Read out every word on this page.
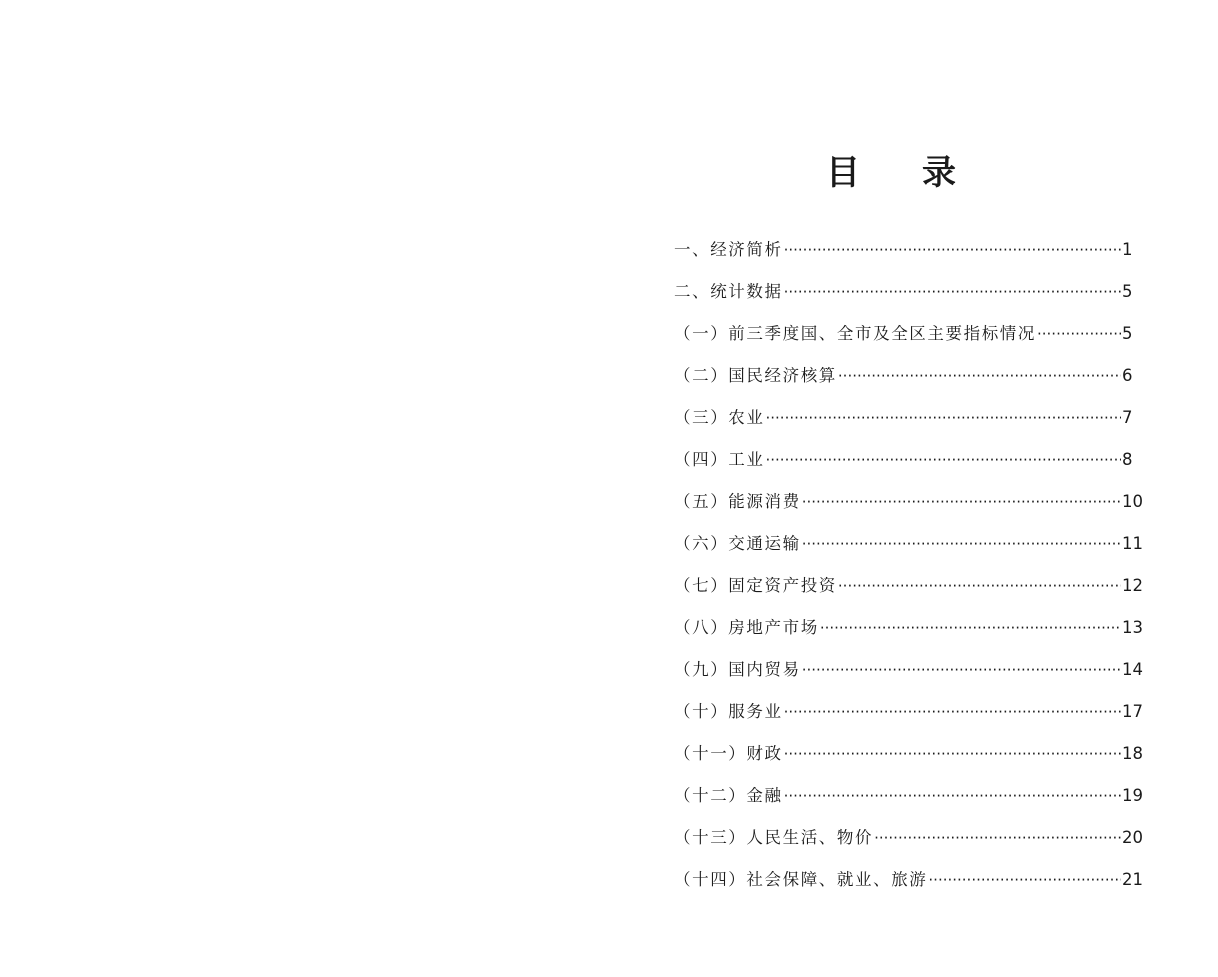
目 录
一、经济简析 ·····	1
二、统计数据 ·····	5
（一）前三季度国、全市及全区主要指标情况 ·····	5
（二）国民经济核算 ·····	6
（三）农业 ·····	7
（四）工业 ·····	8
（五）能源消费 ·····	10
（六）交通运输 ·····	11
（七）固定资产投资 ·····	12
（八）房地产市场 ·····	13
（九）国内贸易 ·····	14
（十）服务业 ·····	17
（十一）财政 ·····	18
（十二）金融 ·····	19
（十三）人民生活、物价 ·····	20
（十四）社会保障、就业、旅游 ·····	21
